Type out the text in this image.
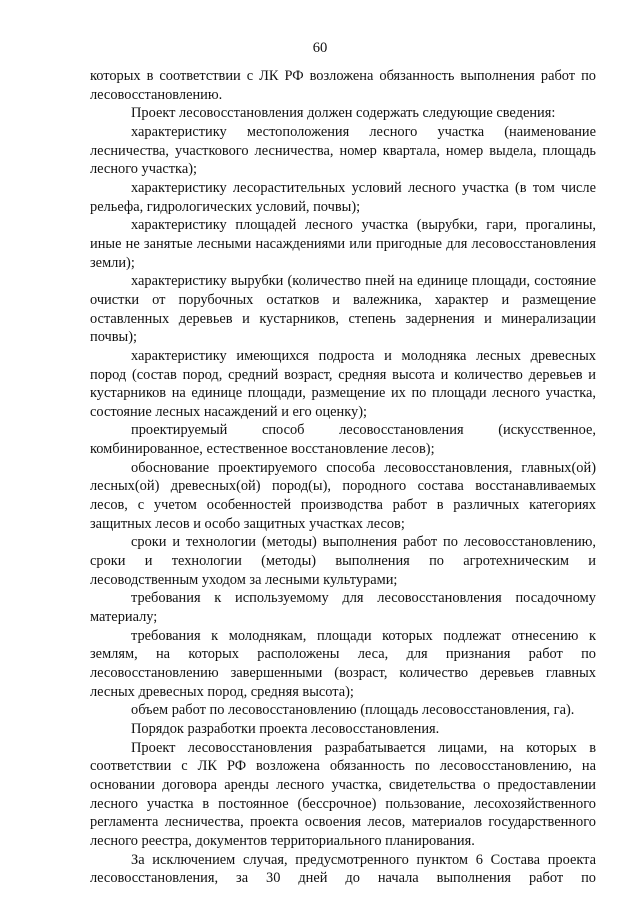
60

которых в соответствии с ЛК РФ возложена обязанность выполнения работ по лесовосстановлению.

Проект лесовосстановления должен содержать следующие сведения:

характеристику местоположения лесного участка (наименование лесничества, участкового лесничества, номер квартала, номер выдела, площадь лесного участка);

характеристику лесорастительных условий лесного участка (в том числе рельефа, гидрологических условий, почвы);

характеристику площадей лесного участка (вырубки, гари, прогалины, иные не занятые лесными насаждениями или пригодные для лесовосстановления земли);

характеристику вырубки (количество пней на единице площади, состояние очистки от порубочных остатков и валежника, характер и размещение оставленных деревьев и кустарников, степень задернения и минерализации почвы);

характеристику имеющихся подроста и молодняка лесных древесных пород (состав пород, средний возраст, средняя высота и количество деревьев и кустарников на единице площади, размещение их по площади лесного участка, состояние лесных насаждений и его оценку);

проектируемый способ лесовосстановления (искусственное, комбинированное, естественное восстановление лесов);

обоснование проектируемого способа лесовосстановления, главных(ой) лесных(ой) древесных(ой) пород(ы), породного состава восстанавливаемых лесов, с учетом особенностей производства работ в различных категориях защитных лесов и особо защитных участках лесов;

сроки и технологии (методы) выполнения работ по лесовосстановлению, сроки и технологии (методы) выполнения по агротехническим и лесоводственным уходом за лесными культурами;

требования к используемому для лесовосстановления посадочному материалу;

требования к молоднякам, площади которых подлежат отнесению к землям, на которых расположены леса, для признания работ по лесовосстановлению завершенными (возраст, количество деревьев главных лесных древесных пород, средняя высота);

объем работ по лесовосстановлению (площадь лесовосстановления, га).

Порядок разработки проекта лесовосстановления.

Проект лесовосстановления разрабатывается лицами, на которых в соответствии с ЛК РФ возложена обязанность по лесовосстановлению, на основании договора аренды лесного участка, свидетельства о предоставлении лесного участка в постоянное (бессрочное) пользование, лесохозяйственного регламента лесничества, проекта освоения лесов, материалов государственного лесного реестра, документов территориального планирования.

За исключением случая, предусмотренного пунктом 6 Состава проекта лесовосстановления, за 30 дней до начала выполнения работ по
